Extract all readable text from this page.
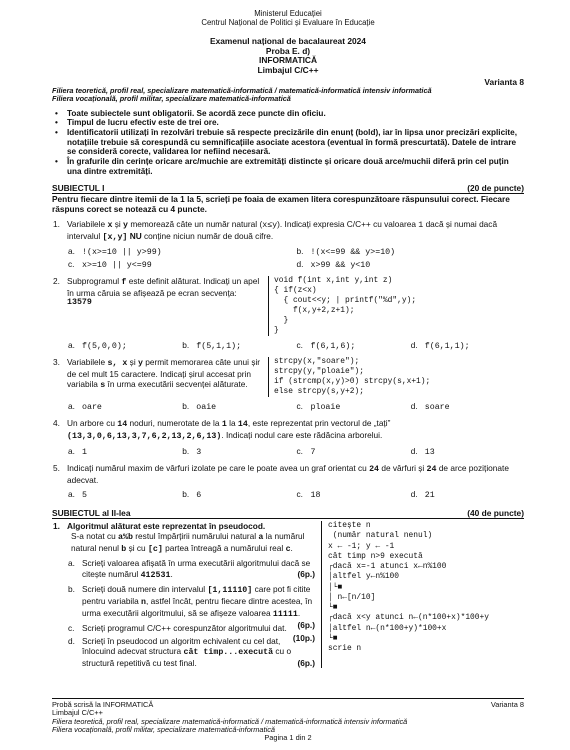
Ministerul Educației
Centrul Național de Politici și Evaluare în Educație
Examenul național de bacalaureat 2024
Proba E. d)
INFORMATICĂ
Limbajul C/C++
Varianta 8
Filiera teoretică, profil real, specializare matematică-informatică / matematică-informatică intensiv informatică
Filiera vocațională, profil militar, specializare matematică-informatică
• Toate subiectele sunt obligatorii. Se acordă zece puncte din oficiu.
• Timpul de lucru efectiv este de trei ore.
• Identificatorii utilizați în rezolvări trebuie să respecte precizările din enunț (bold), iar în lipsa unor precizări explicite, notațiile trebuie să corespundă cu semnificațiile asociate acestora (eventual în formă prescurtată). Datele de intrare se consideră corecte, validarea lor nefiind necesară.
• În grafurile din cerințe oricare arc/muchie are extremități distincte și oricare două arce/muchii diferă prin cel puțin una dintre extremități.
SUBIECTUL I	(20 de puncte)
Pentru fiecare dintre itemii de la 1 la 5, scrieți pe foaia de examen litera corespunzătoare răspunsului corect. Fiecare răspuns corect se notează cu 4 puncte.
1. Variabilele x și y memorează câte un număr natural (x≤y). Indicați expresia C/C++ cu valoarea 1 dacă și numai dacă intervalul [x,y] NU conține niciun număr de două cifre.
a. !(x>=10 || y>99)	b. !(x<=99 && y>=10)
c. x>=10 || y<=99	d. x>99 && y<10
2. Subprogramul f este definit alăturat. Indicați un apel în urma căruia se afișează pe ecran secvența:
13579
void f(int x,int y,int z)
{ if(z<x)
{ cout<<y; | printf("%d",y);
f(x,y+2,z+1);
}
}
a. f(5,0,0);	b. f(5,1,1);	c. f(6,1,6);	d. f(6,1,1);
3. Variabilele s, x și y permit memorarea câte unui șir de cel mult 15 caractere. Indicați șirul accesat prin variabila s în urma executării secvenței alăturate.
strcpy(x,"soare");
strcpy(y,"ploaie");
if (strcmp(x,y)>0) strcpy(s,x+1);
else strcpy(s,y+2);
a. oare	b. oaie	c. ploaie	d. soare
4. Un arbore cu 14 noduri, numerotate de la 1 la 14, este reprezentat prin vectorul de „tați” (13,3,0,6,13,3,7,6,2,13,2,6,13). Indicați nodul care este rădăcina arborelui.
a. 1	b. 3	c. 7	d. 13
5. Indicați numărul maxim de vârfuri izolate pe care le poate avea un graf orientat cu 24 de vârfuri și 24 de arce poziționate adecvat.
a. 5	b. 6	c. 18	d. 21
SUBIECTUL al II-lea	(40 de puncte)
1. Algoritmul alăturat este reprezentat în pseudocod.
S-a notat cu a%b restul împărțirii numărului natural a la numărul natural nenul b și cu [c] partea întreagă a numărului real c.
a. Scrieți valoarea afișată în urma executării algoritmului dacă se citește numărul 412531.	(6p.)
b. Scrieți două numere din intervalul [1,11110] care pot fi citite pentru variabila n, astfel încât, pentru fiecare dintre acestea, în urma executării algoritmului, să se afișeze valoarea 11111.
(6p.)
c. Scrieți programul C/C++ corespunzător algoritmului dat.
(10p.)
d. Scrieți în pseudocod un algoritm echivalent cu cel dat, înlocuind adecvat structura cât timp...execută cu o structură repetitivă cu test final.	(6p.)
citește n
(număr natural nenul)
x ← -1; y ← -1
cât timp n>9 execută
┌dacă x=-1 atunci x←n%100
│altfel y←n%100
│└■
│ n←[n/10]
└■
┌dacă x<y atunci n←(n*100+x)*100+y
│altfel n←(n*100+y)*100+x
└■
scrie n
Probă scrisă la INFORMATICĂ	Varianta 8
Limbajul C/C++
Filiera teoretică, profil real, specializare matematică-informatică / matematică-informatică intensiv informatică
Filiera vocațională, profil militar, specializare matematică-informatică
Pagina 1 din 2
